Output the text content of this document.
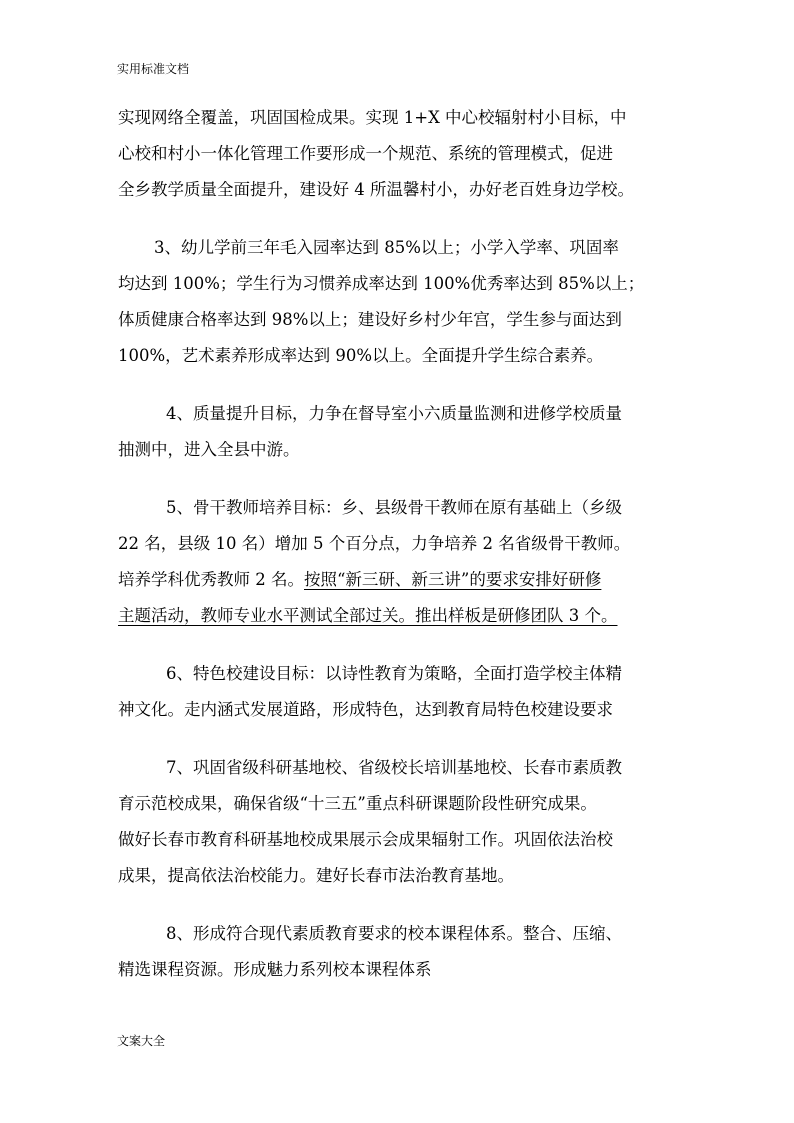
实用标准文档
实现网络全覆盖，巩固国检成果。实现 1+X 中心校辐射村小目标，中
心校和村小一体化管理工作要形成一个规范、系统的管理模式，促进
全乡教学质量全面提升，建设好 4 所温馨村小，办好老百姓身边学校。
3、幼儿学前三年毛入园率达到 85%以上；小学入学率、巩固率
均达到 100%；学生行为习惯养成率达到 100%优秀率达到 85%以上；
体质健康合格率达到 98%以上；建设好乡村少年宫，学生参与面达到
100%，艺术素养形成率达到 90%以上。全面提升学生综合素养。
4、质量提升目标，力争在督导室小六质量监测和进修学校质量
抽测中，进入全县中游。
5、骨干教师培养目标：乡、县级骨干教师在原有基础上（乡级
22 名，县级 10 名）增加 5 个百分点，力争培养 2 名省级骨干教师。
培养学科优秀教师 2 名。按照“新三研、新三讲”的要求安排好研修
主题活动，教师专业水平测试全部过关。推出样板是研修团队 3 个。
6、特色校建设目标：以诗性教育为策略，全面打造学校主体精
神文化。走内涵式发展道路，形成特色，达到教育局特色校建设要求
7、巩固省级科研基地校、省级校长培训基地校、长春市素质教
育示范校成果，确保省级“十三五”重点科研课题阶段性研究成果。
做好长春市教育科研基地校成果展示会成果辐射工作。巩固依法治校
成果，提高依法治校能力。建好长春市法治教育基地。
8、形成符合现代素质教育要求的校本课程体系。整合、压缩、
精选课程资源。形成魅力系列校本课程体系
文案大全
